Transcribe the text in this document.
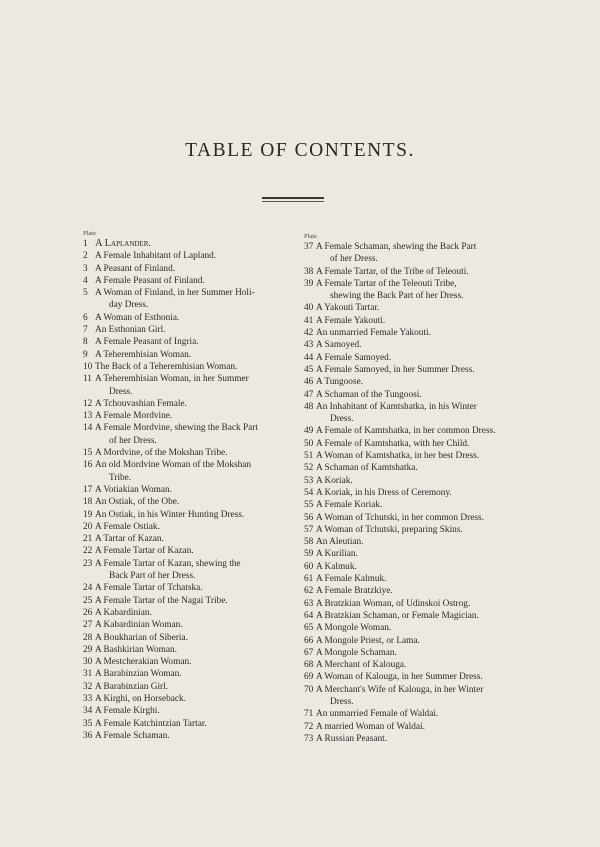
TABLE OF CONTENTS.
Plate
1 A Laplander.
2 A Female Inhabitant of Lapland.
3 A Peasant of Finland.
4 A Female Peasant of Finland.
5 A Woman of Finland, in her Summer Holi-
day Dress.
6 A Woman of Esthonia.
7 An Esthonian Girl.
8 A Female Peasant of Ingria.
9 A Teheremhisian Woman.
10 The Back of a Teheremhisian Woman.
11 A Teheremhisian Woman, in her Summer
Dress.
12 A Tchouvashian Female.
13 A Female Mordvine.
14 A Female Mordvine, shewing the Back Part
of her Dress.
15 A Mordvine, of the Mokshan Tribe.
16 An old Mordvine Woman of the Mokshan
Tribe.
17 A Votiakian Woman.
18 An Ostiak, of the Obe.
19 An Ostiak, in his Winter Hunting Dress.
20 A Female Ostiak.
21 A Tartar of Kazan.
22 A Female Tartar of Kazan.
23 A Female Tartar of Kazan, shewing the
Back Part of her Dress.
24 A Female Tartar of Tchatska.
25 A Female Tartar of the Nagai Tribe.
26 A Kabardinian.
27 A Kabardinian Woman.
28 A Boukharian of Siberia.
29 A Bashkirian Woman.
30 A Mestcherakian Woman.
31 A Barabinzian Woman.
32 A Barabinzian Girl.
33 A Kirghi, on Horseback.
34 A Female Kirghi.
35 A Female Katchintzian Tartar.
36 A Female Schaman.
Plate
37 A Female Schaman, shewing the Back Part
of her Dress.
38 A Female Tartar, of the Tribe of Teleouti.
39 A Female Tartar of the Teleouti Tribe,
shewing the Back Part of her Dress.
40 A Yakouti Tartar.
41 A Female Yakouti.
42 An unmarried Female Yakouti.
43 A Samoyed.
44 A Female Samoyed.
45 A Female Samoyed, in her Summer Dress.
46 A Tungoose.
47 A Schaman of the Tungoosi.
48 An Inhabitant of Kamtshatka, in his Winter
Dress.
49 A Female of Kamtshatka, in her common Dress.
50 A Female of Kamtshatka, with her Child.
51 A Woman of Kamtshatka, in her best Dress.
52 A Schaman of Kamtshatka.
53 A Koriak.
54 A Koriak, in his Dress of Ceremony.
55 A Female Koriak.
56 A Woman of Tchutski, in her common Dress.
57 A Woman of Tchutski, preparing Skins.
58 An Aleutian.
59 A Kurilian.
60 A Kalmuk.
61 A Female Kalmuk.
62 A Female Bratzkiye.
63 A Bratzkian Woman, of Udinskoi Ostrog.
64 A Bratzkian Schaman, or Female Magician.
65 A Mongole Woman.
66 A Mongole Priest, or Lama.
67 A Mongole Schaman.
68 A Merchant of Kalouga.
69 A Woman of Kalouga, in her Summer Dress.
70 A Merchant's Wife of Kalouga, in her Winter
Dress.
71 An unmarried Female of Waldai.
72 A married Woman of Waldai.
73 A Russian Peasant.
